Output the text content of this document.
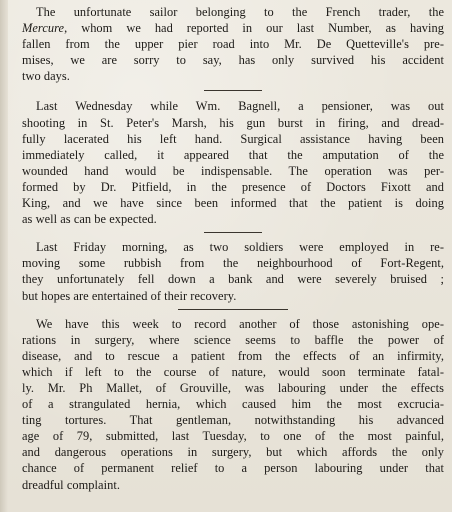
The unfortunate sailor belonging to the French trader, the
Mercure, whom we had reported in our last Number, as having
fallen from the upper pier road into Mr. De Quetteville's pre-
mises, we are sorry to say, has only survived his accident
two days.

Last Wednesday while Wm. Bagnell, a pensioner, was out
shooting in St. Peter's Marsh, his gun burst in firing, and dread-
fully lacerated his left hand. Surgical assistance having been
immediately called, it appeared that the amputation of the
wounded hand would be indispensable. The operation was per-
formed by Dr. Pitfield, in the presence of Doctors Fixott and
King, and we have since been informed that the patient is doing
as well as can be expected.

Last Friday morning, as two soldiers were employed in re-
moving some rubbish from the neighbourhood of Fort-Regent,
they unfortunately fell down a bank and were severely bruised ;
but hopes are entertained of their recovery.

We have this week to record another of those astonishing ope-
rations in surgery, where science seems to baffle the power of
disease, and to rescue a patient from the effects of an infirmity,
which if left to the course of nature, would soon terminate fatal-
ly. Mr. Ph Mallet, of Grouville, was labouring under the effects
of a strangulated hernia, which caused him the most excrucia-
ting tortures. That gentleman, notwithstanding his advanced
age of 79, submitted, last Tuesday, to one of the most painful,
and dangerous operations in surgery, but which affords the only
chance of permanent relief to a person labouring under that
dreadful complaint.
